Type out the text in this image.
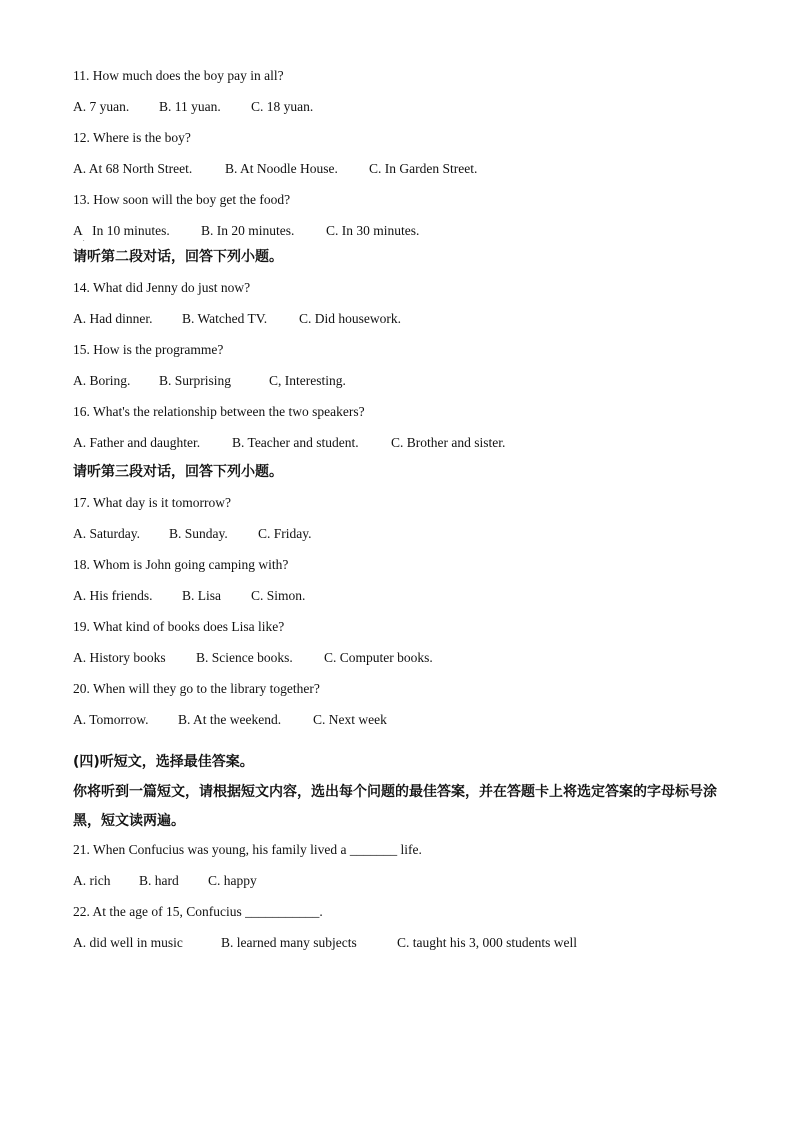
11. How much does the boy pay in all?
A. 7 yuan.	B. 11 yuan.	C. 18 yuan.
12. Where is the boy?
A. At 68 North Street.	B. At Noodle House.	C. In Garden Street.
13. How soon will the boy get the food?
A   In 10 minutes.	B. In 20 minutes.	C. In 30 minutes.
.
请听第二段对话，回答下列小题。
14. What did Jenny do just now?
A. Had dinner.	B. Watched TV.	C. Did housework.
15. How is the programme?
A. Boring.	B. Surprising	C, Interesting.
16. What's the relationship between the two speakers?
A. Father and daughter.	B. Teacher and student.	C. Brother and sister.
请听第三段对话，回答下列小题。
17. What day is it tomorrow?
A. Saturday.	B. Sunday.	C. Friday.
18. Whom is John going camping with?
A. His friends.	B. Lisa	C. Simon.
19. What kind of books does Lisa like?
A. History books	B. Science books.	C. Computer books.
20. When will they go to the library together?
A. Tomorrow.	B. At the weekend.	C. Next week
(四)听短文，选择最佳答案。
你将听到一篇短文，请根据短文内容，选出每个问题的最佳答案，并在答题卡上将选定答案的字母标号涂黑，短文读两遍。
21. When Confucius was young, his family lived a _______ life.
A. rich	B. hard	C. happy
22. At the age of 15, Confucius ___________.
A. did well in music	B. learned many subjects	C. taught his 3, 000 students well
